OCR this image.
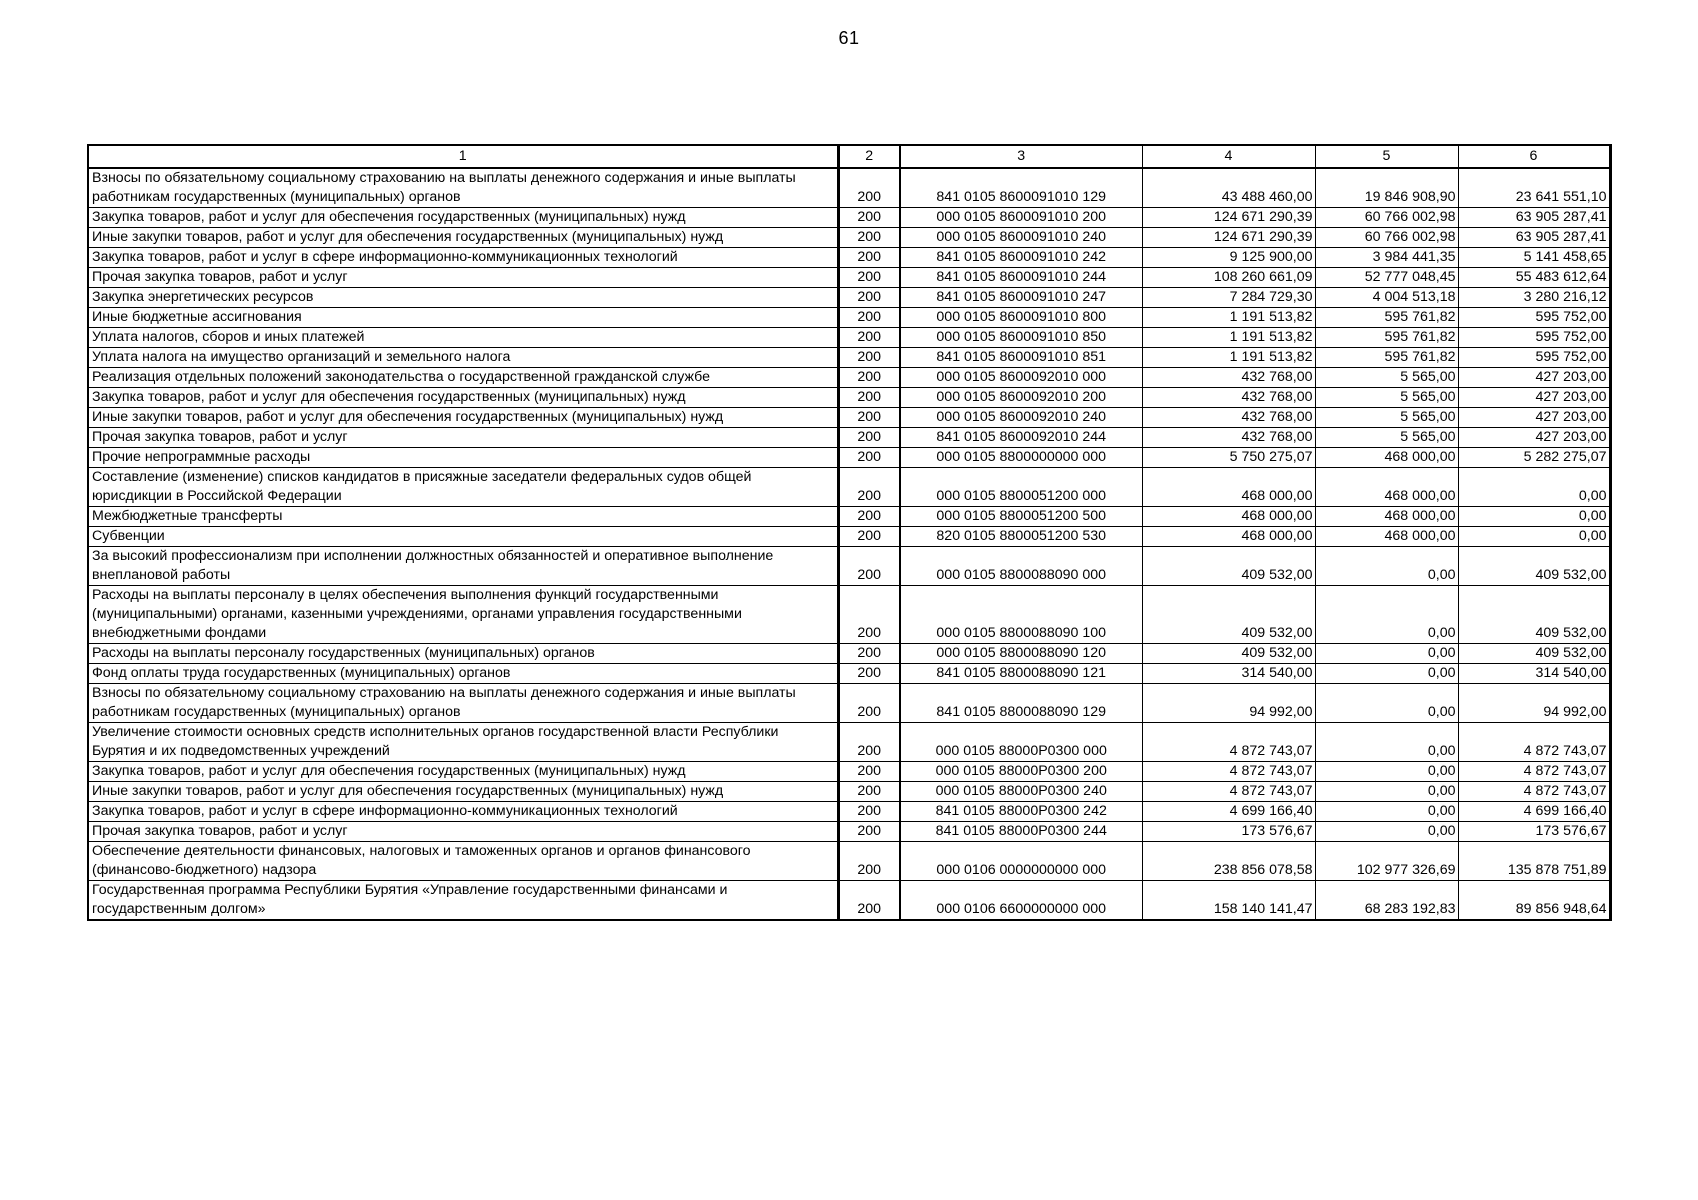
61
1	2	3	4	5	6
Взносы по обязательному социальному страхованию на выплаты денежного содержания и иные выплаты работникам государственных (муниципальных) органов	200	841 0105 8600091010 129	43 488 460,00	19 846 908,90	23 641 551,10
Закупка товаров, работ и услуг для обеспечения государственных (муниципальных) нужд	200	000 0105 8600091010 200	124 671 290,39	60 766 002,98	63 905 287,41
Иные закупки товаров, работ и услуг для обеспечения государственных (муниципальных) нужд	200	000 0105 8600091010 240	124 671 290,39	60 766 002,98	63 905 287,41
Закупка товаров, работ и услуг в сфере информационно-коммуникационных технологий	200	841 0105 8600091010 242	9 125 900,00	3 984 441,35	5 141 458,65
Прочая закупка товаров, работ и услуг	200	841 0105 8600091010 244	108 260 661,09	52 777 048,45	55 483 612,64
Закупка энергетических ресурсов	200	841 0105 8600091010 247	7 284 729,30	4 004 513,18	3 280 216,12
Иные бюджетные ассигнования	200	000 0105 8600091010 800	1 191 513,82	595 761,82	595 752,00
Уплата налогов, сборов и иных платежей	200	000 0105 8600091010 850	1 191 513,82	595 761,82	595 752,00
Уплата налога на имущество организаций и земельного налога	200	841 0105 8600091010 851	1 191 513,82	595 761,82	595 752,00
Реализация отдельных положений законодательства о государственной гражданской службе	200	000 0105 8600092010 000	432 768,00	5 565,00	427 203,00
Закупка товаров, работ и услуг для обеспечения государственных (муниципальных) нужд	200	000 0105 8600092010 200	432 768,00	5 565,00	427 203,00
Иные закупки товаров, работ и услуг для обеспечения государственных (муниципальных) нужд	200	000 0105 8600092010 240	432 768,00	5 565,00	427 203,00
Прочая закупка товаров, работ и услуг	200	841 0105 8600092010 244	432 768,00	5 565,00	427 203,00
Прочие непрограммные расходы	200	000 0105 8800000000 000	5 750 275,07	468 000,00	5 282 275,07
Составление (изменение) списков кандидатов в присяжные заседатели федеральных судов общей юрисдикции в Российской Федерации	200	000 0105 8800051200 000	468 000,00	468 000,00	0,00
Межбюджетные трансферты	200	000 0105 8800051200 500	468 000,00	468 000,00	0,00
Субвенции	200	820 0105 8800051200 530	468 000,00	468 000,00	0,00
За высокий профессионализм при исполнении должностных обязанностей и оперативное выполнение внеплановой работы	200	000 0105 8800088090 000	409 532,00	0,00	409 532,00
Расходы на выплаты персоналу в целях обеспечения выполнения функций государственными (муниципальными) органами, казенными учреждениями, органами управления государственными внебюджетными фондами	200	000 0105 8800088090 100	409 532,00	0,00	409 532,00
Расходы на выплаты персоналу государственных (муниципальных) органов	200	000 0105 8800088090 120	409 532,00	0,00	409 532,00
Фонд оплаты труда государственных (муниципальных) органов	200	841 0105 8800088090 121	314 540,00	0,00	314 540,00
Взносы по обязательному социальному страхованию на выплаты денежного содержания и иные выплаты работникам государственных (муниципальных) органов	200	841 0105 8800088090 129	94 992,00	0,00	94 992,00
Увеличение стоимости основных средств исполнительных органов государственной власти Республики Бурятия и их подведомственных учреждений	200	000 0105 88000Р0300 000	4 872 743,07	0,00	4 872 743,07
Закупка товаров, работ и услуг для обеспечения государственных (муниципальных) нужд	200	000 0105 88000Р0300 200	4 872 743,07	0,00	4 872 743,07
Иные закупки товаров, работ и услуг для обеспечения государственных (муниципальных) нужд	200	000 0105 88000Р0300 240	4 872 743,07	0,00	4 872 743,07
Закупка товаров, работ и услуг в сфере информационно-коммуникационных технологий	200	841 0105 88000Р0300 242	4 699 166,40	0,00	4 699 166,40
Прочая закупка товаров, работ и услуг	200	841 0105 88000Р0300 244	173 576,67	0,00	173 576,67
Обеспечение деятельности финансовых, налоговых и таможенных органов и органов финансового (финансово-бюджетного) надзора	200	000 0106 0000000000 000	238 856 078,58	102 977 326,69	135 878 751,89
Государственная программа Республики Бурятия «Управление государственными финансами и государственным долгом»	200	000 0106 6600000000 000	158 140 141,47	68 283 192,83	89 856 948,64
